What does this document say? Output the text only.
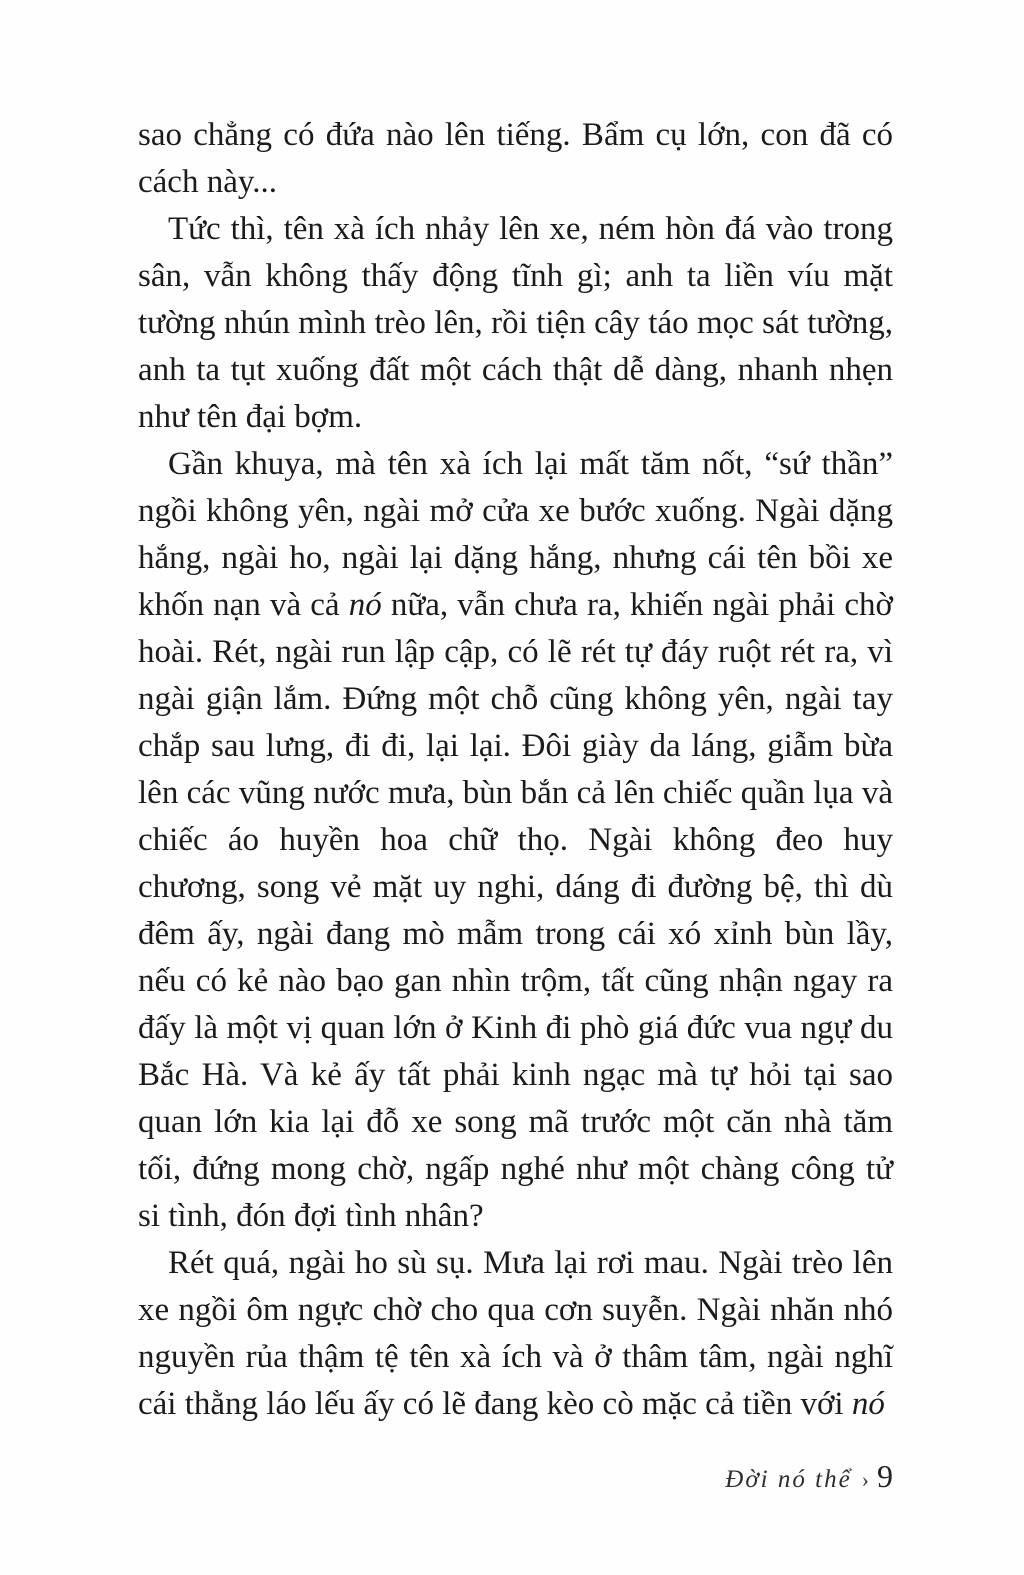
sao chẳng có đứa nào lên tiếng. Bẩm cụ lớn, con đã có cách này...

Tức thì, tên xà ích nhảy lên xe, ném hòn đá vào trong sân, vẫn không thấy động tĩnh gì; anh ta liền víu mặt tường nhún mình trèo lên, rồi tiện cây táo mọc sát tường, anh ta tụt xuống đất một cách thật dễ dàng, nhanh nhẹn như tên đại bợm.

Gần khuya, mà tên xà ích lại mất tăm nốt, “sứ thần” ngồi không yên, ngài mở cửa xe bước xuống. Ngài dặng hắng, ngài ho, ngài lại dặng hắng, nhưng cái tên bồi xe khốn nạn và cả nó nữa, vẫn chưa ra, khiến ngài phải chờ hoài. Rét, ngài run lập cập, có lẽ rét tự đáy ruột rét ra, vì ngài giận lắm. Đứng một chỗ cũng không yên, ngài tay chắp sau lưng, đi đi, lại lại. Đôi giày da láng, giẫm bừa lên các vũng nước mưa, bùn bắn cả lên chiếc quần lụa và chiếc áo huyền hoa chữ thọ. Ngài không đeo huy chương, song vẻ mặt uy nghi, dáng đi đường bệ, thì dù đêm ấy, ngài đang mò mẫm trong cái xó xỉnh bùn lầy, nếu có kẻ nào bạo gan nhìn trộm, tất cũng nhận ngay ra đấy là một vị quan lớn ở Kinh đi phò giá đức vua ngự du Bắc Hà. Và kẻ ấy tất phải kinh ngạc mà tự hỏi tại sao quan lớn kia lại đỗ xe song mã trước một căn nhà tăm tối, đứng mong chờ, ngấp nghé như một chàng công tử si tình, đón đợi tình nhân?

Rét quá, ngài ho sù sụ. Mưa lại rơi mau. Ngài trèo lên xe ngồi ôm ngực chờ cho qua cơn suyễn. Ngài nhăn nhó nguyền rủa thậm tệ tên xà ích và ở thâm tâm, ngài nghĩ cái thằng láo lếu ấy có lẽ đang kèo cò mặc cả tiền với nó

Đời nó thể › 9
